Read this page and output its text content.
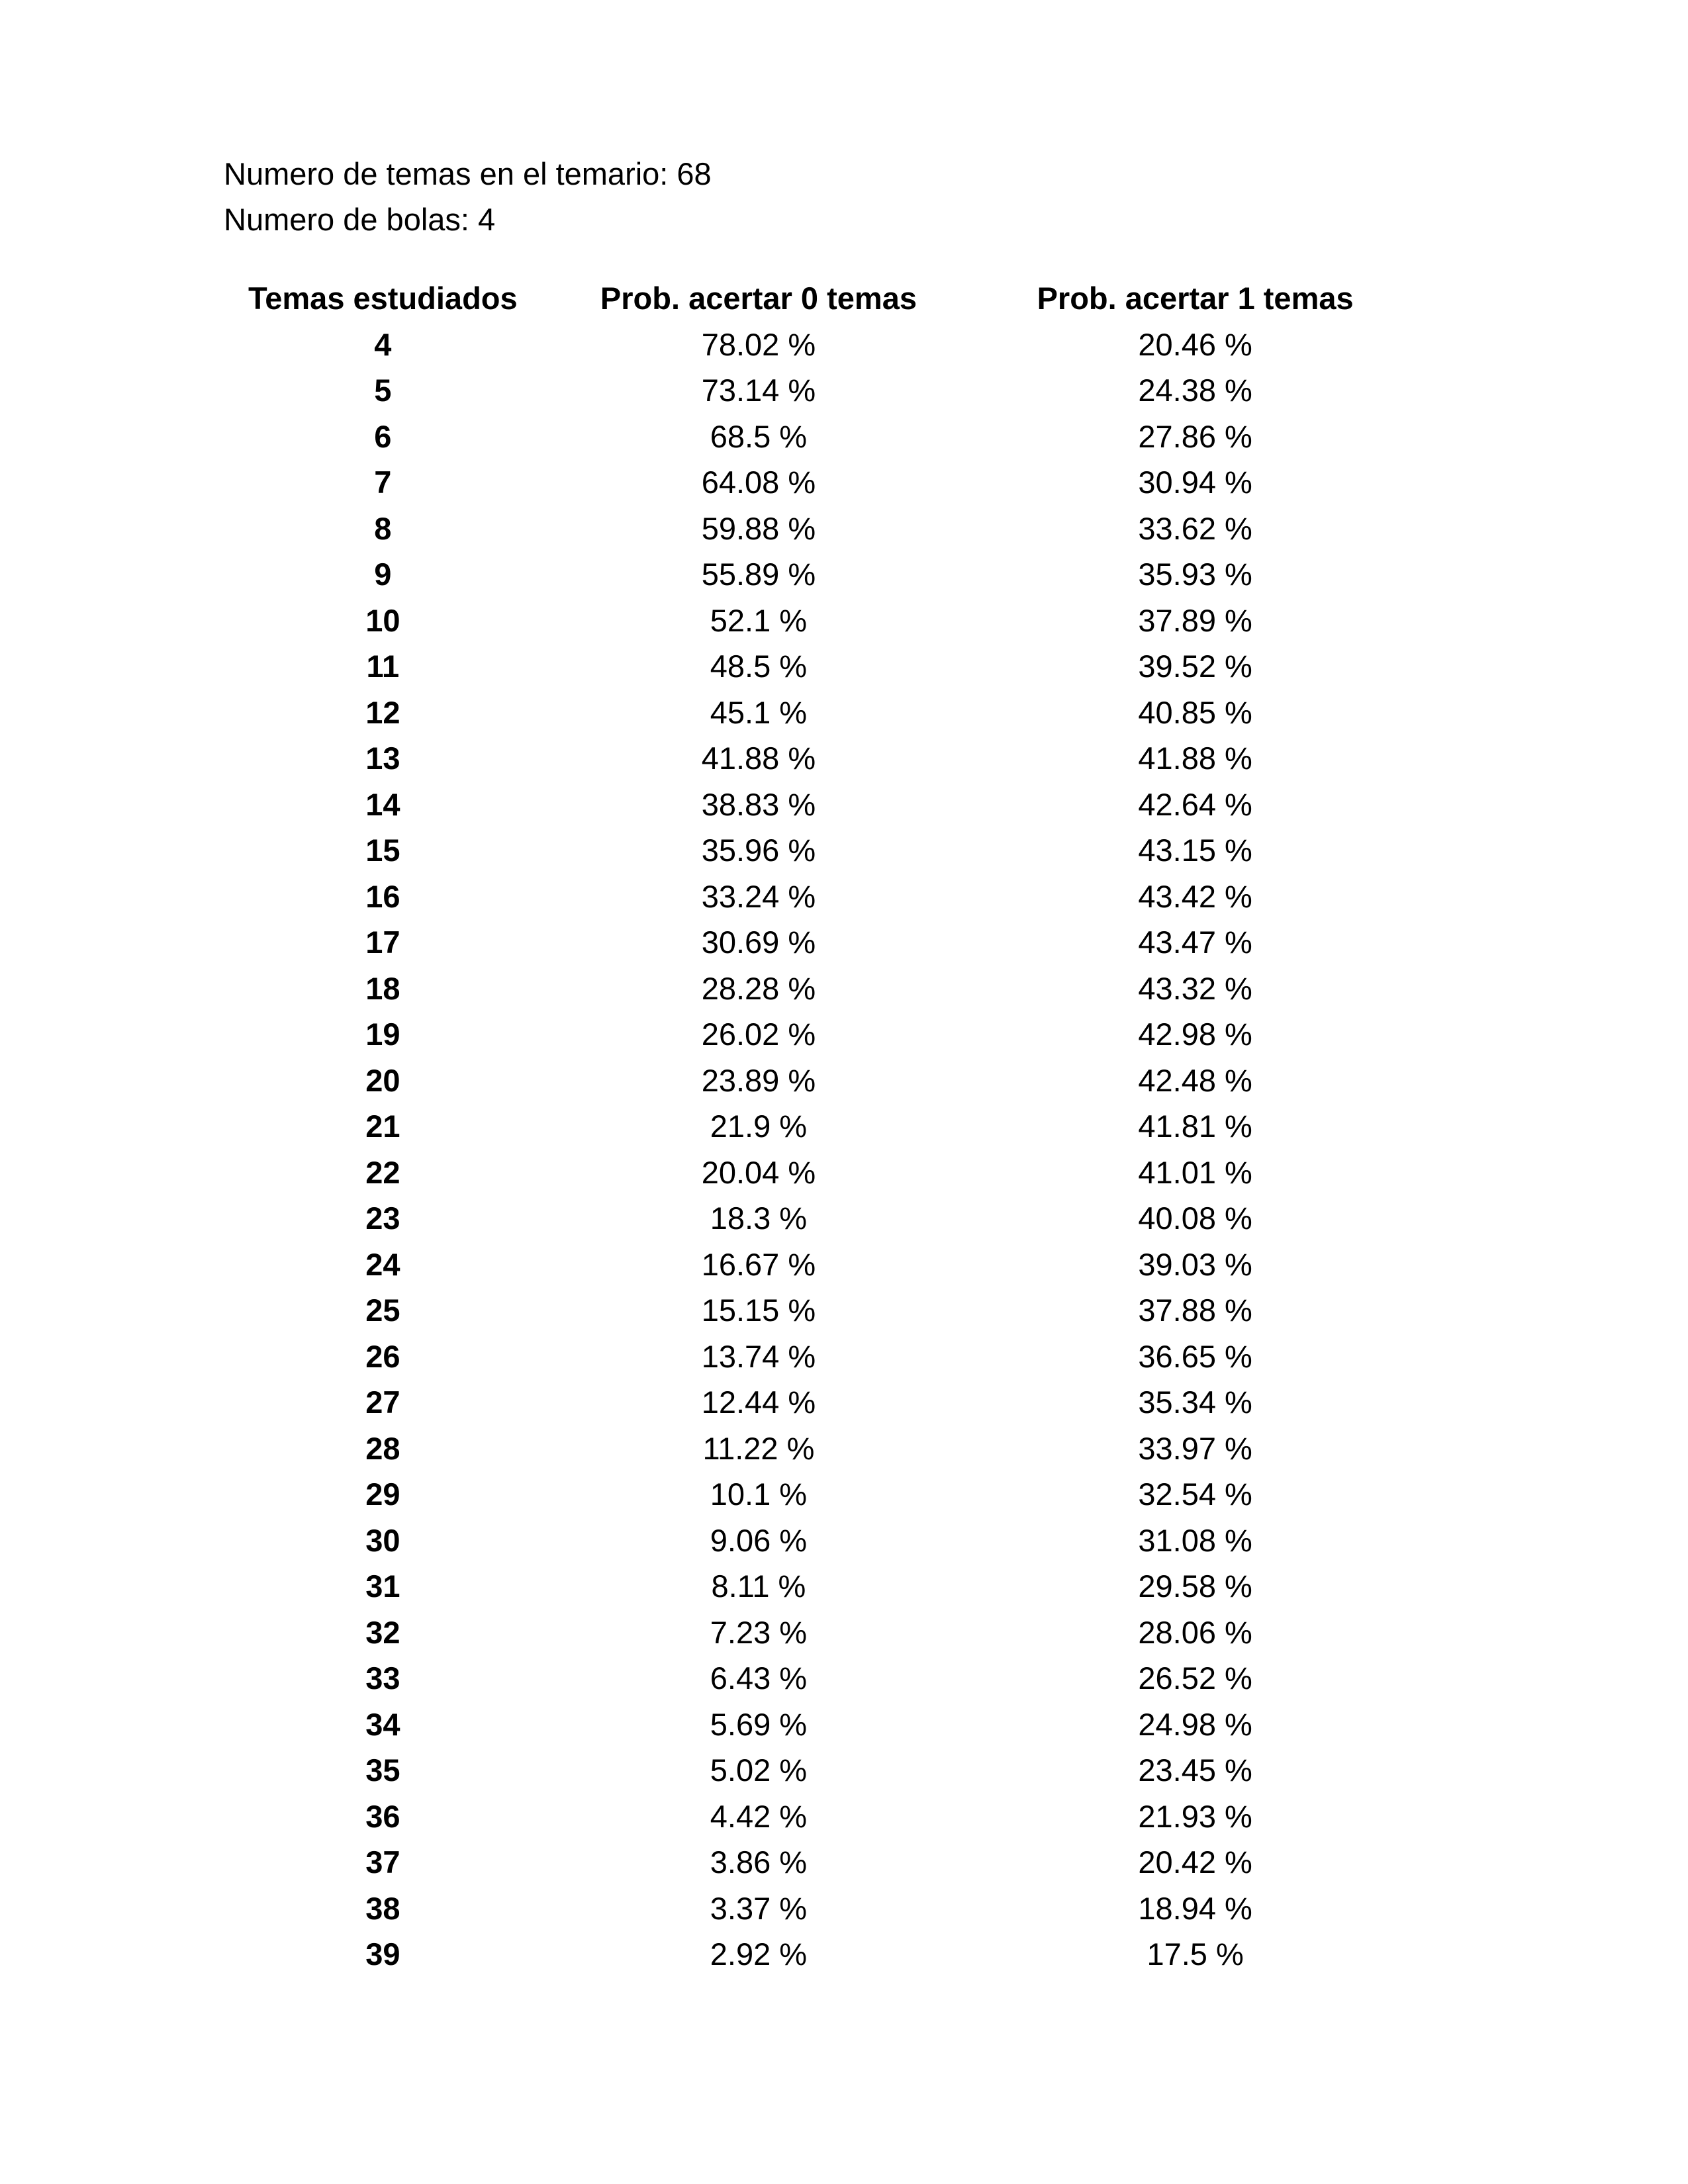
Numero de temas en el temario: 68
Numero de bolas: 4
Temas estudiados	Prob. acertar 0 temas	Prob. acertar 1 temas
4	78.02 %	20.46 %
5	73.14 %	24.38 %
6	68.5 %	27.86 %
7	64.08 %	30.94 %
8	59.88 %	33.62 %
9	55.89 %	35.93 %
10	52.1 %	37.89 %
11	48.5 %	39.52 %
12	45.1 %	40.85 %
13	41.88 %	41.88 %
14	38.83 %	42.64 %
15	35.96 %	43.15 %
16	33.24 %	43.42 %
17	30.69 %	43.47 %
18	28.28 %	43.32 %
19	26.02 %	42.98 %
20	23.89 %	42.48 %
21	21.9 %	41.81 %
22	20.04 %	41.01 %
23	18.3 %	40.08 %
24	16.67 %	39.03 %
25	15.15 %	37.88 %
26	13.74 %	36.65 %
27	12.44 %	35.34 %
28	11.22 %	33.97 %
29	10.1 %	32.54 %
30	9.06 %	31.08 %
31	8.11 %	29.58 %
32	7.23 %	28.06 %
33	6.43 %	26.52 %
34	5.69 %	24.98 %
35	5.02 %	23.45 %
36	4.42 %	21.93 %
37	3.86 %	20.42 %
38	3.37 %	18.94 %
39	2.92 %	17.5 %
